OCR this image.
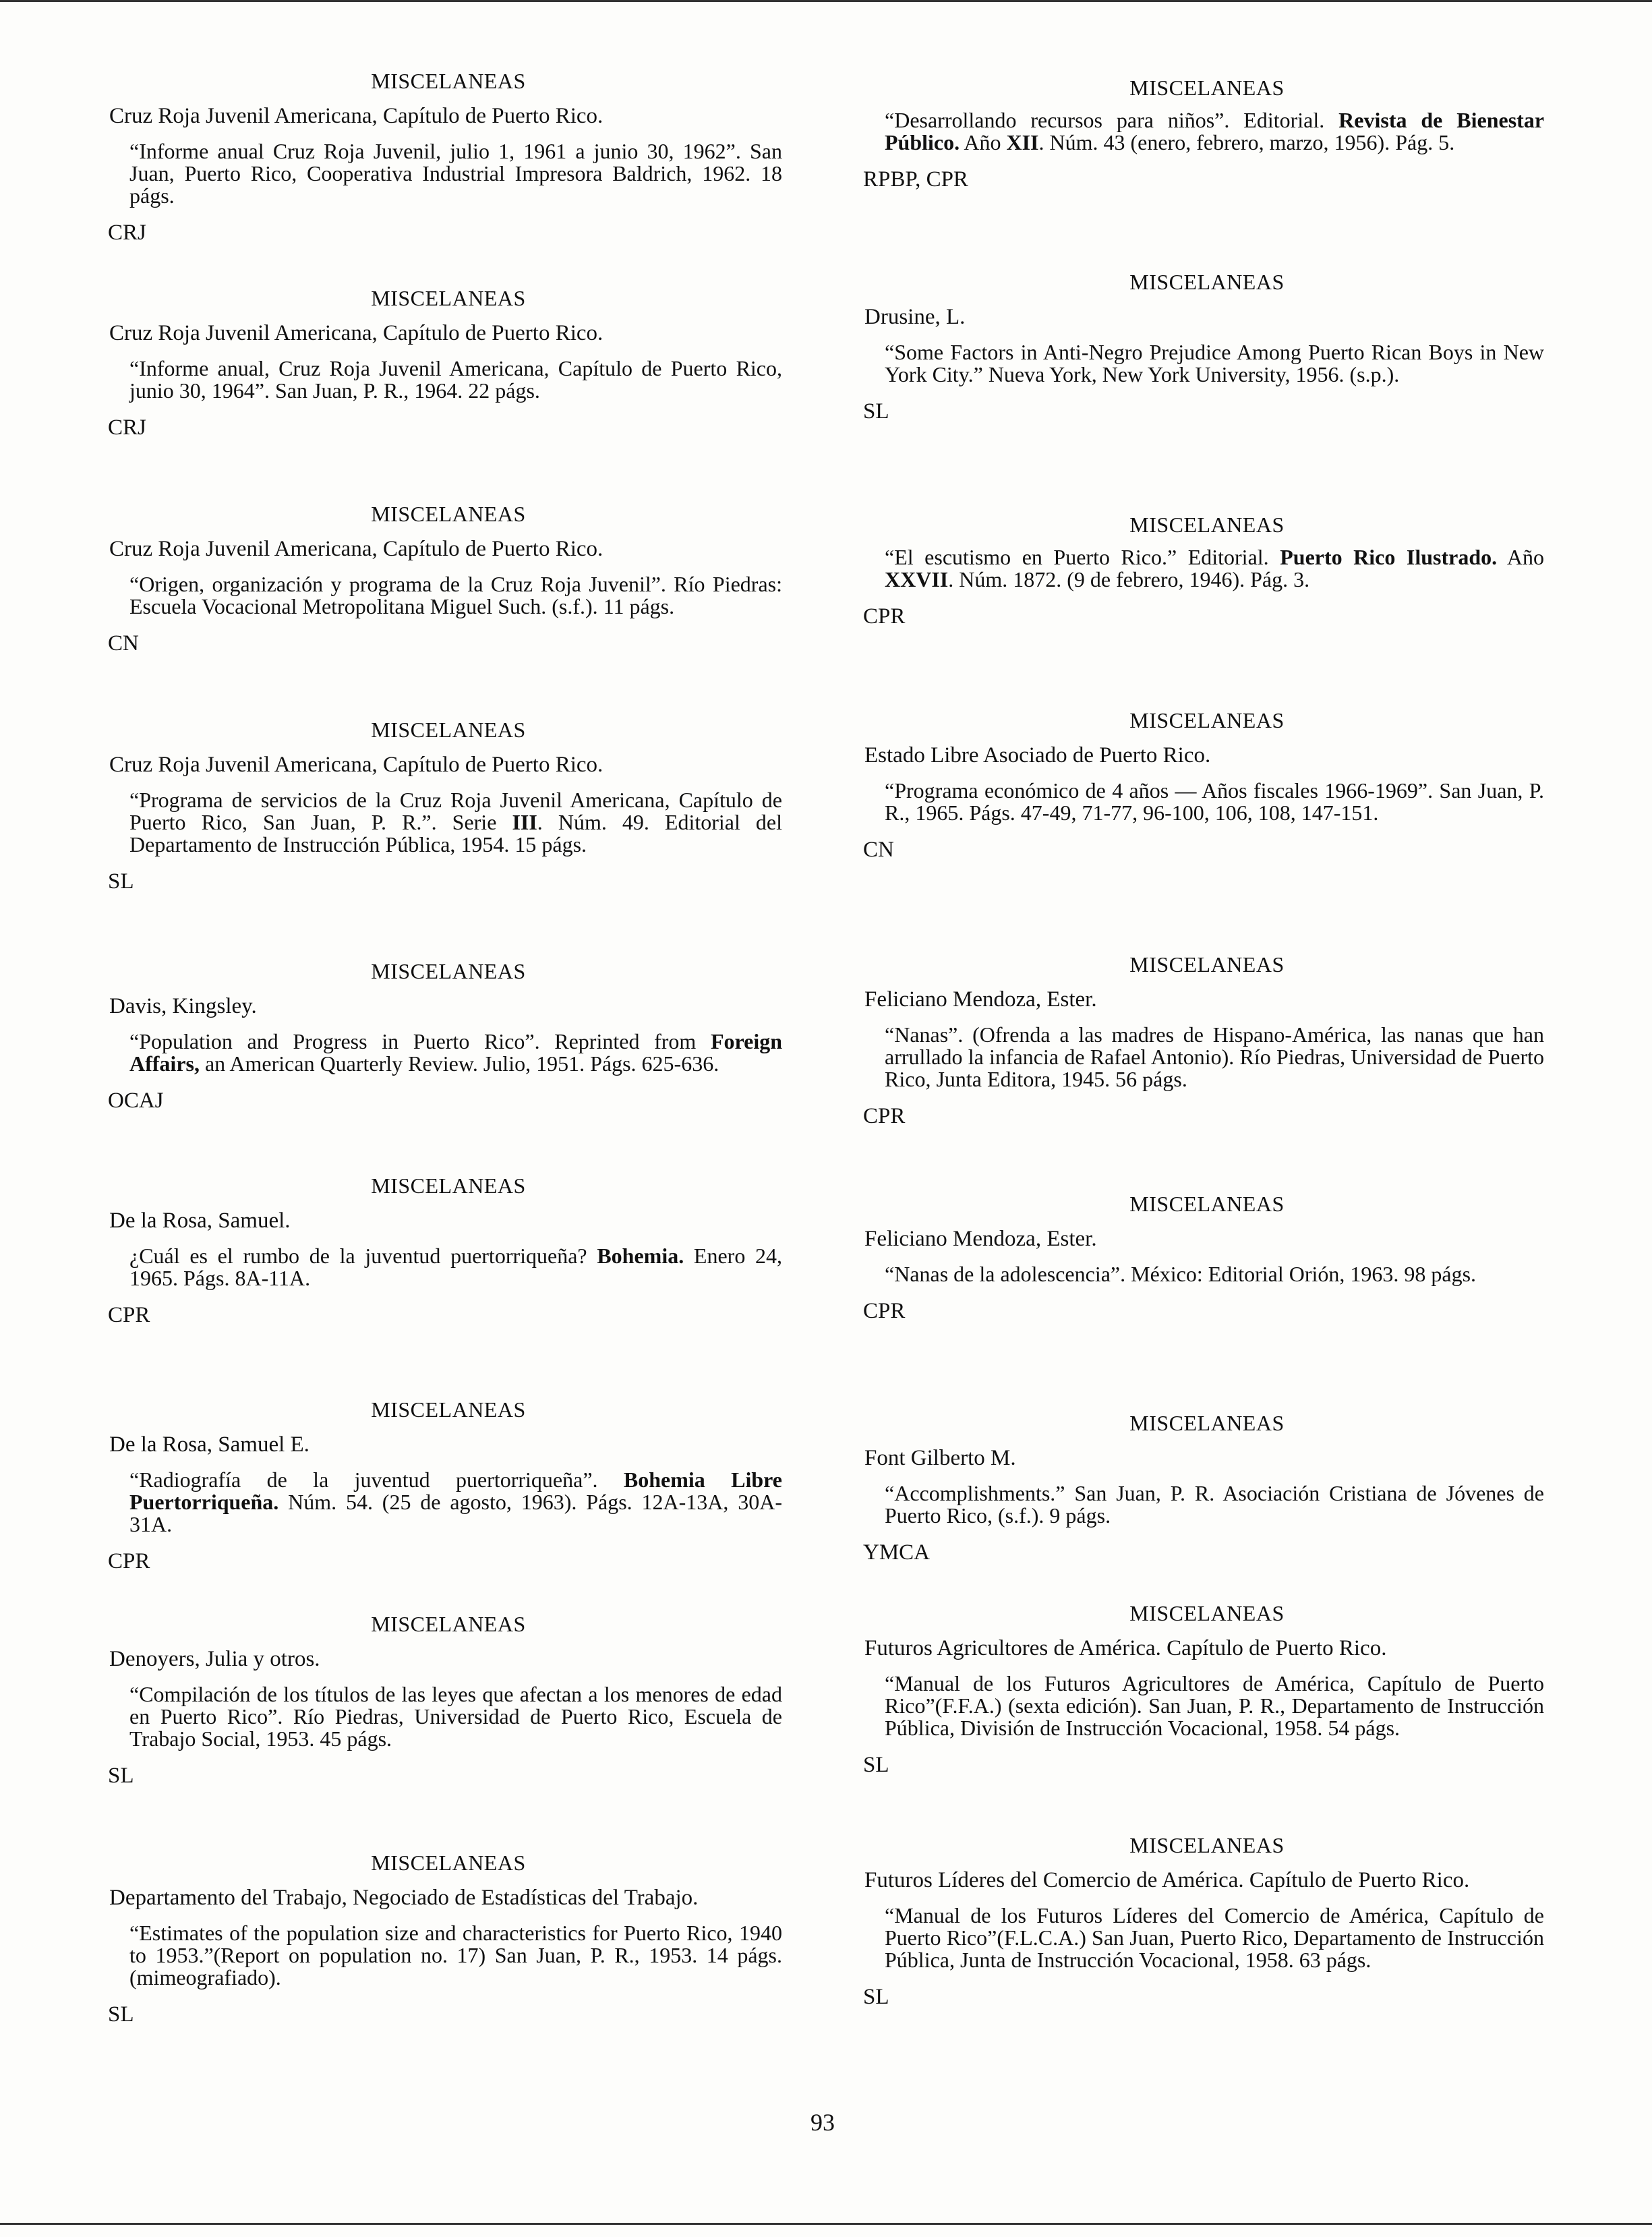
MISCELANEAS
Cruz Roja Juvenil Americana, Capítulo de Puerto Rico.
“Informe anual Cruz Roja Juvenil, julio 1, 1961 a junio 30, 1962”. San Juan, Puerto Rico, Cooperativa Industrial Impresora Baldrich, 1962. 18 págs.
CRJ
MISCELANEAS
Cruz Roja Juvenil Americana, Capítulo de Puerto Rico.
“Informe anual, Cruz Roja Juvenil Americana, Capítulo de Puerto Rico, junio 30, 1964”. San Juan, P. R., 1964. 22 págs.
CRJ
MISCELANEAS
Cruz Roja Juvenil Americana, Capítulo de Puerto Rico.
“Origen, organización y programa de la Cruz Roja Juvenil”. Río Piedras: Escuela Vocacional Metropolitana Miguel Such. (s.f.). 11 págs.
CN
MISCELANEAS
Cruz Roja Juvenil Americana, Capítulo de Puerto Rico.
“Programa de servicios de la Cruz Roja Juvenil Americana, Capítulo de Puerto Rico, San Juan, P. R.”. Serie III. Núm. 49. Editorial del Departamento de Instrucción Pública, 1954. 15 págs.
SL
MISCELANEAS
Davis, Kingsley.
“Population and Progress in Puerto Rico”. Reprinted from Foreign Affairs, an American Quarterly Review. Julio, 1951. Págs. 625-636.
OCAJ
MISCELANEAS
De la Rosa, Samuel.
¿Cuál es el rumbo de la juventud puertorriqueña? Bohemia. Enero 24, 1965. Págs. 8A-11A.
CPR
MISCELANEAS
De la Rosa, Samuel E.
“Radiografía de la juventud puertorriqueña”. Bohemia Libre Puertorriqueña. Núm. 54. (25 de agosto, 1963). Págs. 12A-13A, 30A-31A.
CPR
MISCELANEAS
Denoyers, Julia y otros.
“Compilación de los títulos de las leyes que afectan a los menores de edad en Puerto Rico”. Río Piedras, Universidad de Puerto Rico, Escuela de Trabajo Social, 1953. 45 págs.
SL
MISCELANEAS
Departamento del Trabajo, Negociado de Estadísticas del Trabajo.
“Estimates of the population size and characteristics for Puerto Rico, 1940 to 1953.”(Report on population no. 17) San Juan, P. R., 1953. 14 págs. (mimeografiado).
SL
MISCELANEAS
“Desarrollando recursos para niños”. Editorial. Revista de Bienestar Público. Año XII. Núm. 43 (enero, febrero, marzo, 1956). Pág. 5.
RPBP, CPR
MISCELANEAS
Drusine, L.
“Some Factors in Anti-Negro Prejudice Among Puerto Rican Boys in New York City.” Nueva York, New York University, 1956. (s.p.).
SL
MISCELANEAS
“El escutismo en Puerto Rico.” Editorial. Puerto Rico Ilustrado. Año XXVII. Núm. 1872. (9 de febrero, 1946). Pág. 3.
CPR
MISCELANEAS
Estado Libre Asociado de Puerto Rico.
“Programa económico de 4 años — Años fiscales 1966-1969”. San Juan, P. R., 1965. Págs. 47-49, 71-77, 96-100, 106, 108, 147-151.
CN
MISCELANEAS
Feliciano Mendoza, Ester.
“Nanas”. (Ofrenda a las madres de Hispano-América, las nanas que han arrullado la infancia de Rafael Antonio). Río Piedras, Universidad de Puerto Rico, Junta Editora, 1945. 56 págs.
CPR
MISCELANEAS
Feliciano Mendoza, Ester.
“Nanas de la adolescencia”. México: Editorial Orión, 1963. 98 págs.
CPR
MISCELANEAS
Font Gilberto M.
“Accomplishments.” San Juan, P. R. Asociación Cristiana de Jóvenes de Puerto Rico, (s.f.). 9 págs.
YMCA
MISCELANEAS
Futuros Agricultores de América. Capítulo de Puerto Rico.
“Manual de los Futuros Agricultores de América, Capítulo de Puerto Rico”(F.F.A.) (sexta edición). San Juan, P. R., Departamento de Instrucción Pública, División de Instrucción Vocacional, 1958. 54 págs.
SL
MISCELANEAS
Futuros Líderes del Comercio de América. Capítulo de Puerto Rico.
“Manual de los Futuros Líderes del Comercio de América, Capítulo de Puerto Rico”(F.L.C.A.) San Juan, Puerto Rico, Departamento de Instrucción Pública, Junta de Instrucción Vocacional, 1958. 63 págs.
SL
93
